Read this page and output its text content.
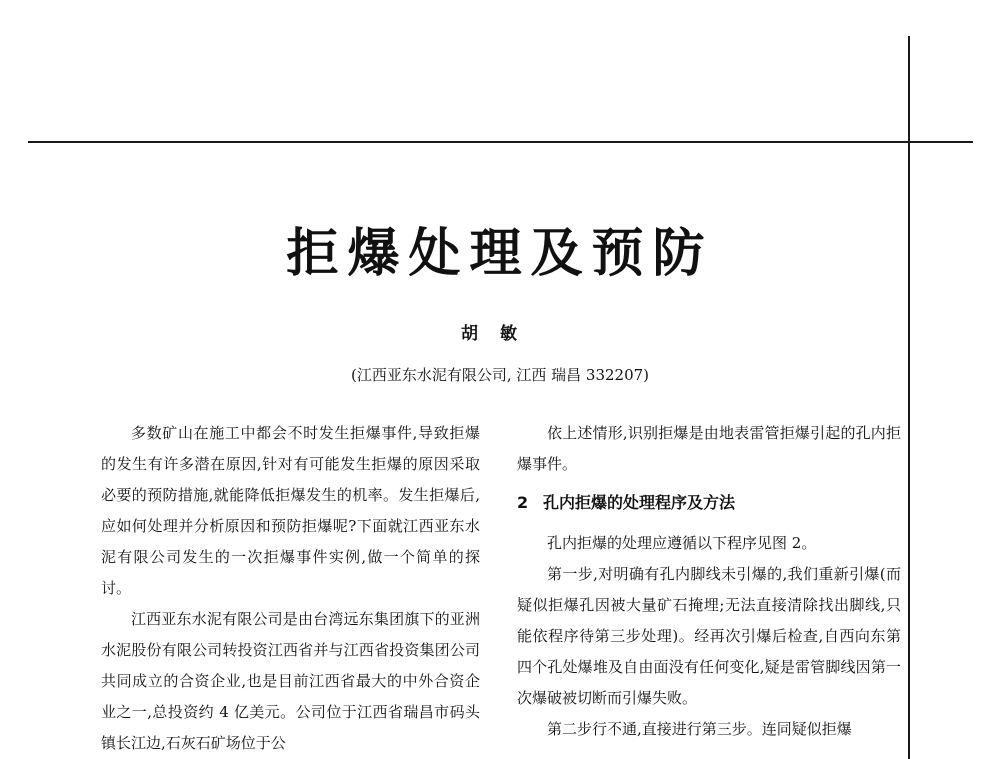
拒爆处理及预防
胡敏
(江西亚东水泥有限公司, 江西 瑞昌 332207)

多数矿山在施工中都会不时发生拒爆事件,导致拒爆的发生有许多潜在原因,针对有可能发生拒爆的原因采取必要的预防措施,就能降低拒爆发生的机率。发生拒爆后,应如何处理并分析原因和预防拒爆呢?下面就江西亚东水泥有限公司发生的一次拒爆事件实例,做一个简单的探讨。

江西亚东水泥有限公司是由台湾远东集团旗下的亚洲水泥股份有限公司转投资江西省并与江西省投资集团公司共同成立的合资企业,也是目前江西省最大的中外合资企业之一,总投资约 4 亿美元。公司位于江西省瑞昌市码头镇长江边,石灰石矿场位于公

依上述情形,识别拒爆是由地表雷管拒爆引起的孔内拒爆事件。

2 孔内拒爆的处理程序及方法

孔内拒爆的处理应遵循以下程序见图 2。

第一步,对明确有孔内脚线未引爆的,我们重新引爆(而疑似拒爆孔因被大量矿石掩埋;无法直接清除找出脚线,只能依程序待第三步处理)。经再次引爆后检查,自西向东第四个孔处爆堆及自由面没有任何变化,疑是雷管脚线因第一次爆破被切断而引爆失败。

第二步行不通,直接进行第三步。连同疑似拒爆
